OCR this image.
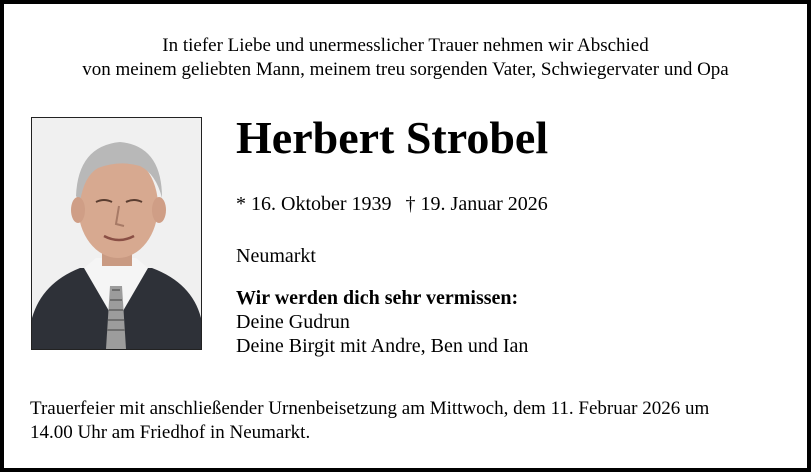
In tiefer Liebe und unermesslicher Trauer nehmen wir Abschied
von meinem geliebten Mann, meinem treu sorgenden Vater, Schwiegervater und Opa
Herbert Strobel
* 16. Oktober 1939 † 19. Januar 2026
Neumarkt
Wir werden dich sehr vermissen:
Deine Gudrun
Deine Birgit mit Andre, Ben und Ian
Trauerfeier mit anschließender Urnenbeisetzung am Mittwoch, dem 11. Februar 2026 um
14.00 Uhr am Friedhof in Neumarkt.
